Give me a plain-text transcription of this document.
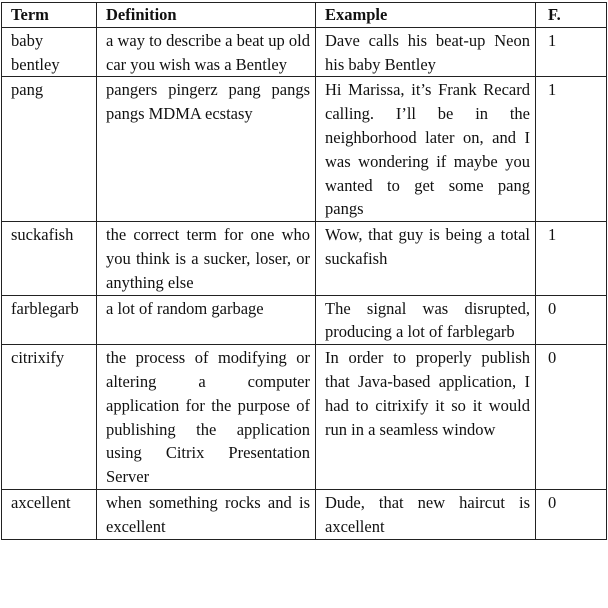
Term	Definition	Example	F.
baby bentley	a way to describe a beat up old car you wish was a Bentley	Dave calls his beat-up Neon his baby Bentley	1
pang	pangers pingerz pang pangs pangs MDMA ecstasy	Hi Marissa, it’s Frank Recard calling. I’ll be in the neighborhood later on, and I was wondering if maybe you wanted to get some pang pangs	1
suckafish	the correct term for one who you think is a sucker, loser, or anything else	Wow, that guy is being a total suckafish	1
farblegarb	a lot of random garbage	The signal was disrupted, producing a lot of farblegarb	0
citrixify	the process of modifying or altering a computer application for the purpose of publishing the application using Citrix Presentation Server	In order to properly publish that Java-based application, I had to citrixify it so it would run in a seamless window	0
axcellent	when something rocks and is excellent	Dude, that new haircut is axcellent	0
